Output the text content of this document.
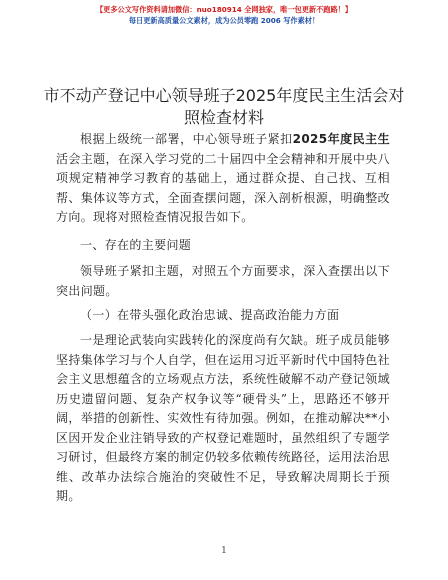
【更多公文写作资料请加微信：nuo180914 全网独家，唯一包更新不跑路！】
每日更新高质量公文素材，成为公员零跑 2006 写作素材！
市不动产登记中心领导班子2025年度民主生活会对照检查材料
根据上级统一部署，中心领导班子紧扣2025年度民主生活会主题，在深入学习党的二十届四中全会精神和开展中央八项规定精神学习教育的基础上，通过群众提、自己找、互相帮、集体议等方式，全面查摆问题，深入剖析根源，明确整改方向。现将对照检查情况报告如下。
一、存在的主要问题
领导班子紧扣主题，对照五个方面要求，深入查摆出以下突出问题。
（一）在带头强化政治忠诚、提高政治能力方面
一是理论武装向实践转化的深度尚有欠缺。班子成员能够坚持集体学习与个人自学，但在运用习近平新时代中国特色社会主义思想蕴含的立场观点方法，系统性破解不动产登记领域历史遗留问题、复杂产权争议等“硬骨头”上，思路还不够开阔，举措的创新性、实效性有待加强。例如，在推动解决**小区因开发企业注销导致的产权登记难题时，虽然组织了专题学习研讨，但最终方案的制定仍较多依赖传统路径，运用法治思维、改革办法综合施治的突破性不足，导致解决周期长于预期。
1
